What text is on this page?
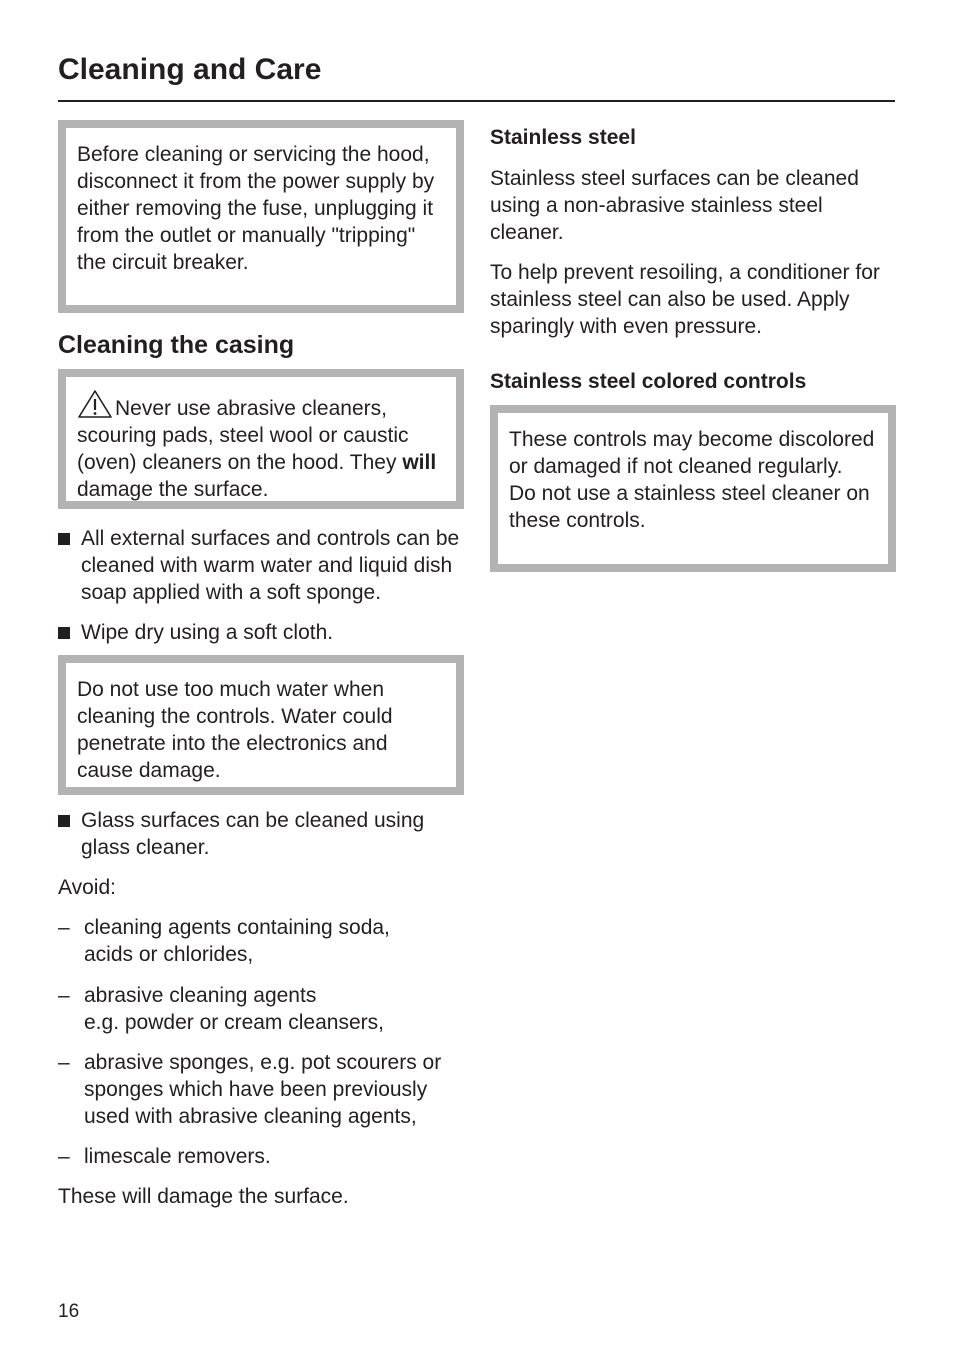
Cleaning and Care

Before cleaning or servicing the hood, disconnect it from the power supply by either removing the fuse, unplugging it from the outlet or manually "tripping" the circuit breaker.

Cleaning the casing

Never use abrasive cleaners, scouring pads, steel wool or caustic (oven) cleaners on the hood. They will damage the surface.

All external surfaces and controls can be cleaned with warm water and liquid dish soap applied with a soft sponge.
Wipe dry using a soft cloth.

Do not use too much water when cleaning the controls. Water could penetrate into the electronics and cause damage.

Glass surfaces can be cleaned using glass cleaner.

Avoid:

– cleaning agents containing soda,
acids or chlorides,
– abrasive cleaning agents
e.g. powder or cream cleansers,
– abrasive sponges, e.g. pot scourers or sponges which have been previously used with abrasive cleaning agents,
– limescale removers.

These will damage the surface.

Stainless steel

Stainless steel surfaces can be cleaned using a non-abrasive stainless steel cleaner.

To help prevent resoiling, a conditioner for stainless steel can also be used. Apply sparingly with even pressure.

Stainless steel colored controls

These controls may become discolored or damaged if not cleaned regularly.

Do not use a stainless steel cleaner on these controls.

16
